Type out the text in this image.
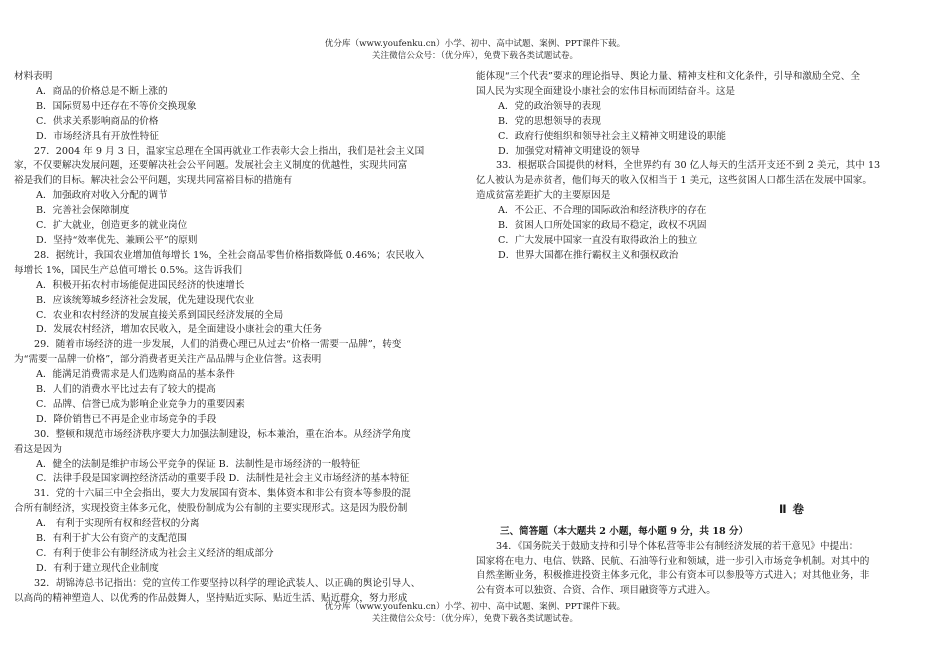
优分库（www.youfenku.cn）小学、初中、高中试题、案例、PPT课件下载。
关注微信公众号：（优分库），免费下载各类试题试卷。

材料表明

A．商品的价格总是不断上涨的

B．国际贸易中还存在不等价交换现象

C．供求关系影响商品的价格

D．市场经济具有开放性特征

27．2004 年 9 月 3 日，温家宝总理在全国再就业工作表彰大会上指出，我们是社会主义国

家，不仅要解决发展问题，还要解决社会公平问题。发展社会主义制度的优越性，实现共同富

裕是我们的目标。解决社会公平问题，实现共同富裕目标的措施有

A．加强政府对收入分配的调节

B．完善社会保障制度

C．扩大就业，创造更多的就业岗位

D．坚持“效率优先、兼顾公平”的原则

28．据统计，我国农业增加值每增长 1%，全社会商品零售价格指数降低 0.46%；农民收入

每增长 1%，国民生产总值可增长 0.5%。这告诉我们

A．积极开拓农村市场能促进国民经济的快速增长

B．应该统筹城乡经济社会发展，优先建设现代农业

C．农业和农村经济的发展直接关系到国民经济发展的全局

D．发展农村经济，增加农民收入，是全面建设小康社会的重大任务

29．随着市场经济的进一步发展，人们的消费心理已从过去“价格一需要一品牌”，转变

为“需要一品牌一价格”，部分消费者更关注产品品牌与企业信誉。这表明

A．能满足消费需求是人们选购商品的基本条件

B．人们的消费水平比过去有了较大的提高

C．品牌、信誉已成为影响企业竞争力的重要因素

D．降价销售已不再是企业市场竞争的手段

30．整顿和规范市场经济秩序要大力加强法制建设，标本兼治，重在治本。从经济学角度

看这是因为

A．健全的法制是维护市场公平竞争的保证 B．法制性是市场经济的一般特征

C．法律手段是国家调控经济活动的重要手段 D．法制性是社会主义市场经济的基本特征

31．党的十六届三中全会指出，要大力发展国有资本、集体资本和非公有资本等参股的混

合所有制经济，实现投资主体多元化，使股份制成为公有制的主要实现形式。这是因为股份制

A． 有利于实现所有权和经营权的分离

B．有利于扩大公有资产的支配范围

C．有利于使非公有制经济成为社会主义经济的组成部分

D．有利于建立现代企业制度

32．胡锦涛总书记指出：党的宣传工作要坚持以科学的理论武装人、以正确的舆论引导人、

以高尚的精神塑造人、以优秀的作品鼓舞人，坚持贴近实际、贴近生活、贴近群众，努力形成

能体现“三个代表”要求的理论指导、舆论力量、精神支柱和文化条件，引导和激励全党、全

国人民为实现全面建设小康社会的宏伟目标而团结奋斗。这是

A．党的政治领导的表现

B．党的思想领导的表现

C．政府行使组织和领导社会主义精神文明建设的职能

D．加强党对精神文明建设的领导

33．根据联合国提供的材料，全世界约有 30 亿人每天的生活开支还不到 2 美元，其中 13

亿人被认为是赤贫者，他们每天的收入仅相当于 1 美元，这些贫困人口都生活在发展中国家。

造成贫富差距扩大的主要原因是

A．不公正、不合理的国际政治和经济秩序的存在

B．贫困人口所处国家的政局不稳定，政权不巩固

C．广大发展中国家一直没有取得政治上的独立

D．世界大国都在推行霸权主义和强权政治

Ⅱ 卷

三、简答题（本大题共 2 小题，每小题 9 分，共 18 分）

34．《国务院关于鼓励支持和引导个体私营等非公有制经济发展的若干意见》中提出：

国家将在电力、电信、铁路、民航、石油等行业和领域，进一步引入市场竞争机制。对其中的

自然垄断业务，积极推进投资主体多元化，非公有资本可以参股等方式进入；对其他业务，非

公有资本可以独资、合资、合作、项目融资等方式进入。

优分库（www.youfenku.cn）小学、初中、高中试题、案例、PPT课件下载。
关注微信公众号：（优分库），免费下载各类试题试卷。
